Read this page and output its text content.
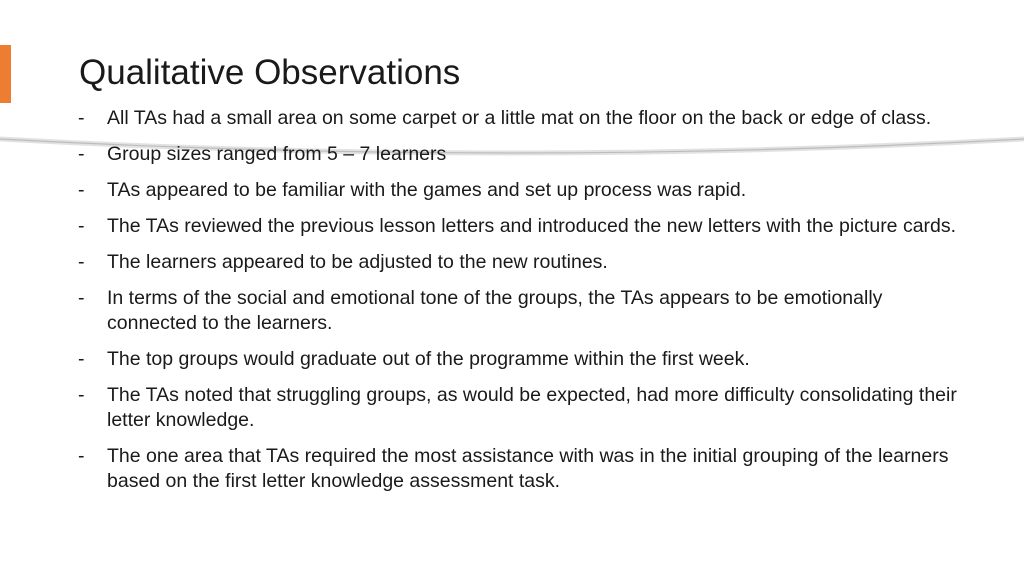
Qualitative Observations
- All TAs had a small area on some carpet or a little mat on the floor on the back or edge of class.
- Group sizes ranged from 5 – 7 learners
- TAs appeared to be familiar with the games and set up process was rapid.
- The TAs reviewed the previous lesson letters and introduced the new letters with the picture cards.
- The learners appeared to be adjusted to the new routines.
- In terms of the social and emotional tone of the groups, the TAs appears to be emotionally connected to the learners.
- The top groups would graduate out of the programme within the first week.
- The TAs noted that struggling groups, as would be expected, had more difficulty consolidating their letter knowledge.
- The one area that TAs required the most assistance with was in the initial grouping of the learners based on the first letter knowledge assessment task.
